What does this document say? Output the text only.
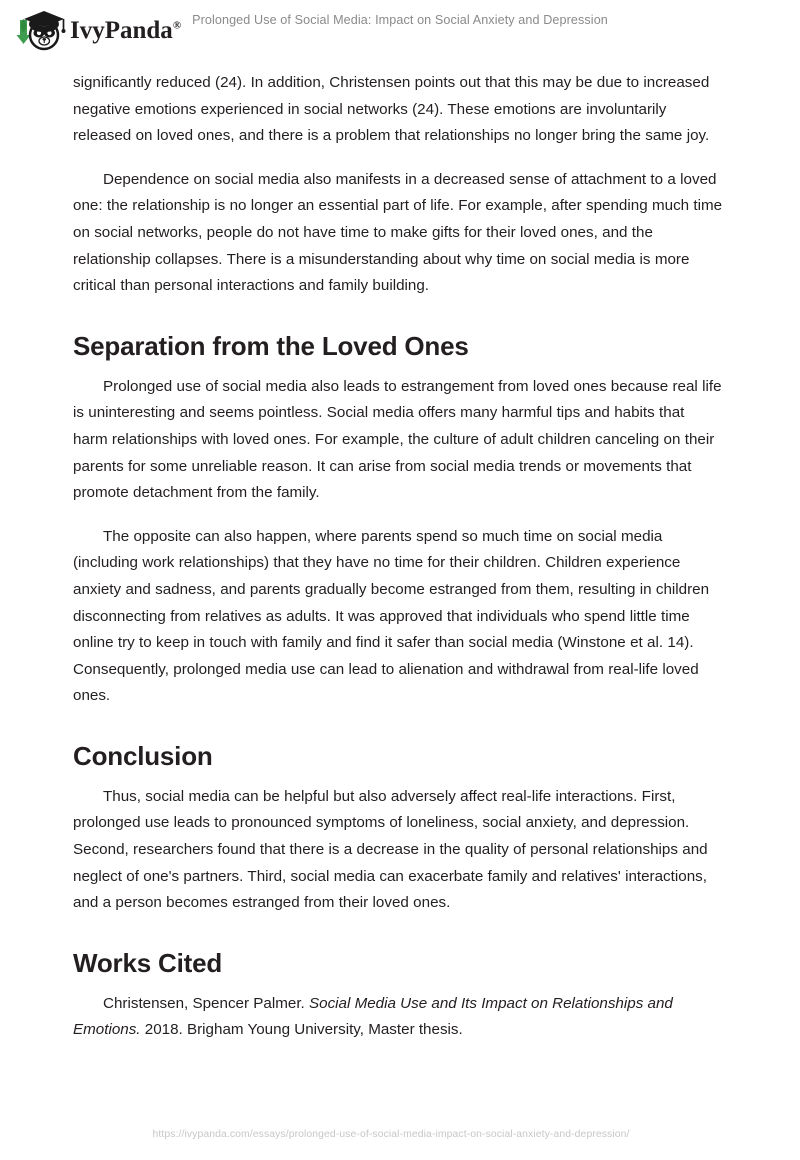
IvyPanda® Prolonged Use of Social Media: Impact on Social Anxiety and Depression

significantly reduced (24). In addition, Christensen points out that this may be due to increased negative emotions experienced in social networks (24). These emotions are involuntarily released on loved ones, and there is a problem that relationships no longer bring the same joy.

Dependence on social media also manifests in a decreased sense of attachment to a loved one: the relationship is no longer an essential part of life. For example, after spending much time on social networks, people do not have time to make gifts for their loved ones, and the relationship collapses. There is a misunderstanding about why time on social media is more critical than personal interactions and family building.

Separation from the Loved Ones

Prolonged use of social media also leads to estrangement from loved ones because real life is uninteresting and seems pointless. Social media offers many harmful tips and habits that harm relationships with loved ones. For example, the culture of adult children canceling on their parents for some unreliable reason. It can arise from social media trends or movements that promote detachment from the family.

The opposite can also happen, where parents spend so much time on social media (including work relationships) that they have no time for their children. Children experience anxiety and sadness, and parents gradually become estranged from them, resulting in children disconnecting from relatives as adults. It was approved that individuals who spend little time online try to keep in touch with family and find it safer than social media (Winstone et al. 14). Consequently, prolonged media use can lead to alienation and withdrawal from real-life loved ones.

Conclusion

Thus, social media can be helpful but also adversely affect real-life interactions. First, prolonged use leads to pronounced symptoms of loneliness, social anxiety, and depression. Second, researchers found that there is a decrease in the quality of personal relationships and neglect of one's partners. Third, social media can exacerbate family and relatives' interactions, and a person becomes estranged from their loved ones.

Works Cited

Christensen, Spencer Palmer. Social Media Use and Its Impact on Relationships and Emotions. 2018. Brigham Young University, Master thesis.

https://ivypanda.com/essays/prolonged-use-of-social-media-impact-on-social-anxiety-and-depression/
